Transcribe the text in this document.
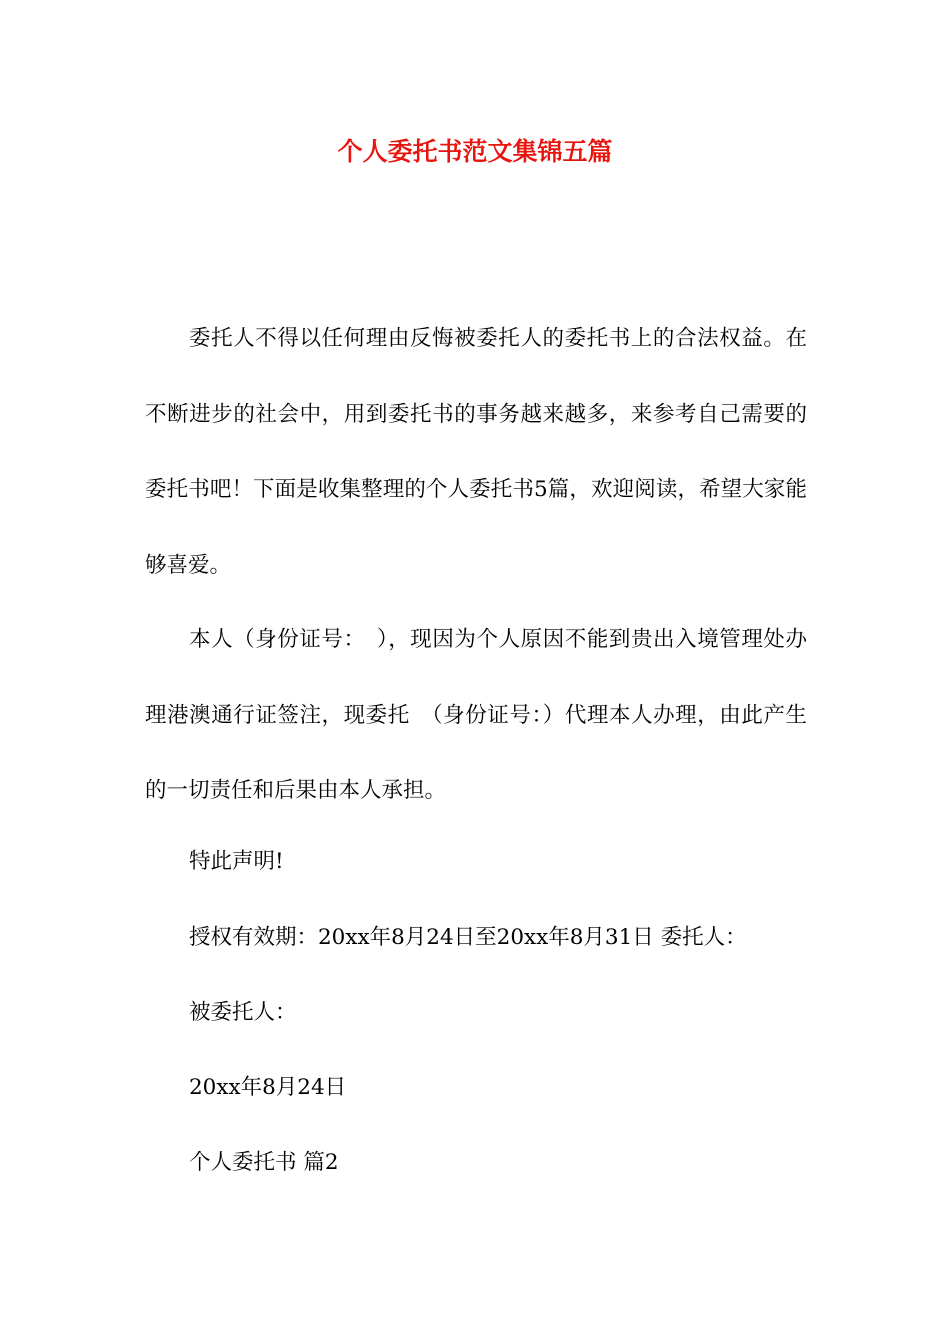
个人委托书范文集锦五篇
委托人不得以任何理由反悔被委托人的委托书上的合法权益。在不断进步的社会中，用到委托书的事务越来越多，来参考自己需要的委托书吧！下面是收集整理的个人委托书5篇，欢迎阅读，希望大家能够喜爱。
本人（身份证号：　），现因为个人原因不能到贵出入境管理处办理港澳通行证签注，现委托　（身份证号：）代理本人办理，由此产生的一切责任和后果由本人承担。
特此声明!
授权有效期：20xx年8月24日至20xx年8月31日 委托人：
被委托人：
20xx年8月24日
个人委托书 篇2
